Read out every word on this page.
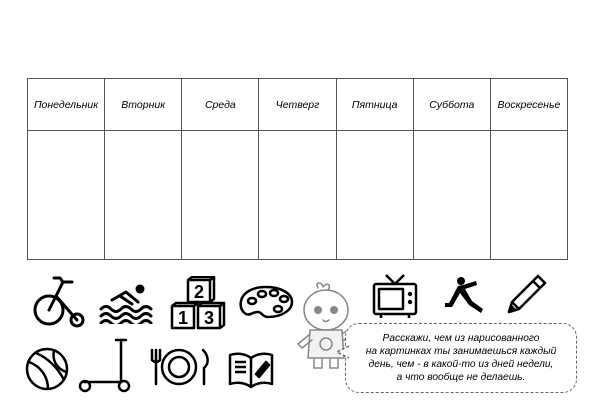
Понедельник Вторник	Среда	Четверг	Пятница	Суббота Воскресенье
2
1 3

Расскажи, чем из нарисованного
на картинках ты занимаешься каждый
день, чем - в какой-то из дней недели,
а что вообще не делаешь.
